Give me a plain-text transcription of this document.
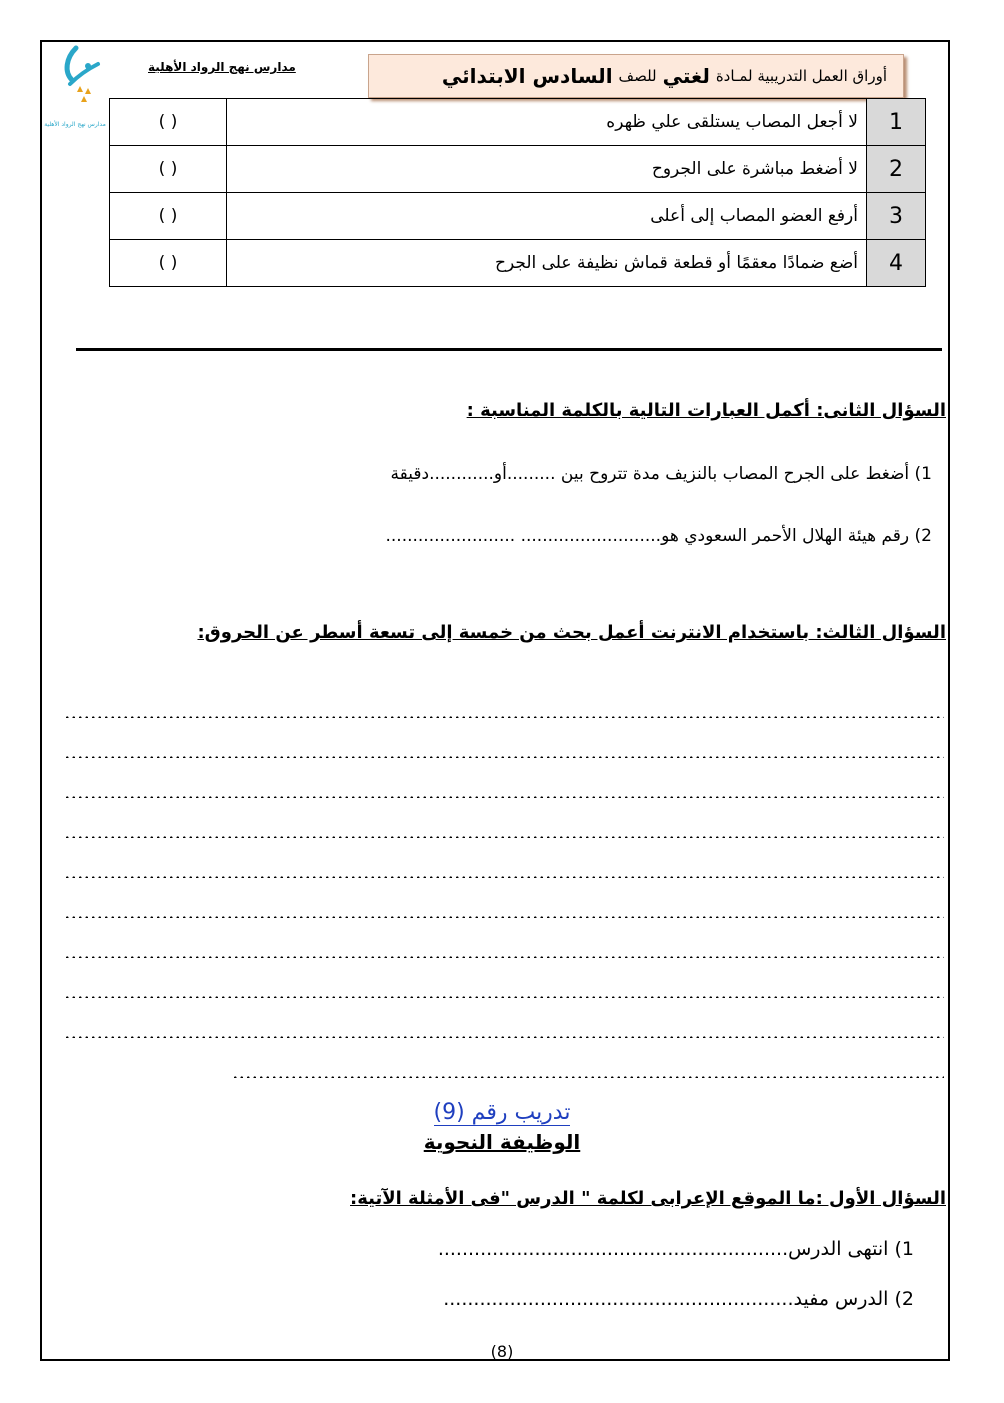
مدارس نهج الرواد الأهلية
مدارس نهج الرواد الأهلية	أوراق العمل التدريبية لمـادة
لغتي
للصف
السادس الابتدائي
1	لا أجعل المصاب يستلقى علي ظهره	( )
2	لا أضغط مباشرة على الجروح	( )
3	أرفع العضو المصاب إلى أعلى	( )
4	أضع ضمادًا معقمًا أو قطعة قماش نظيفة على الجرح	( )
السؤال الثانى: أكمل العبارات التالية بالكلمة المناسبة :
1) أضغط على الجرح المصاب بالنزيف مدة تتروح بين .........أو............دقيقة
2) رقم هيئة الهلال الأحمر السعودي هو.......................... ........................
السؤال الثالث: باستخدام الانترنت أعمل بحث من خمسة إلى تسعة أسطر عن الحروق:
تدريب رقم (9)
الوظيفة النحوية
السؤال الأول :ما الموقع الإعرابى لكلمة " الدرس "فى الأمثلة الآتية:
1) انتهى الدرس..........................................................
2) الدرس مفيد..........................................................
(8)
